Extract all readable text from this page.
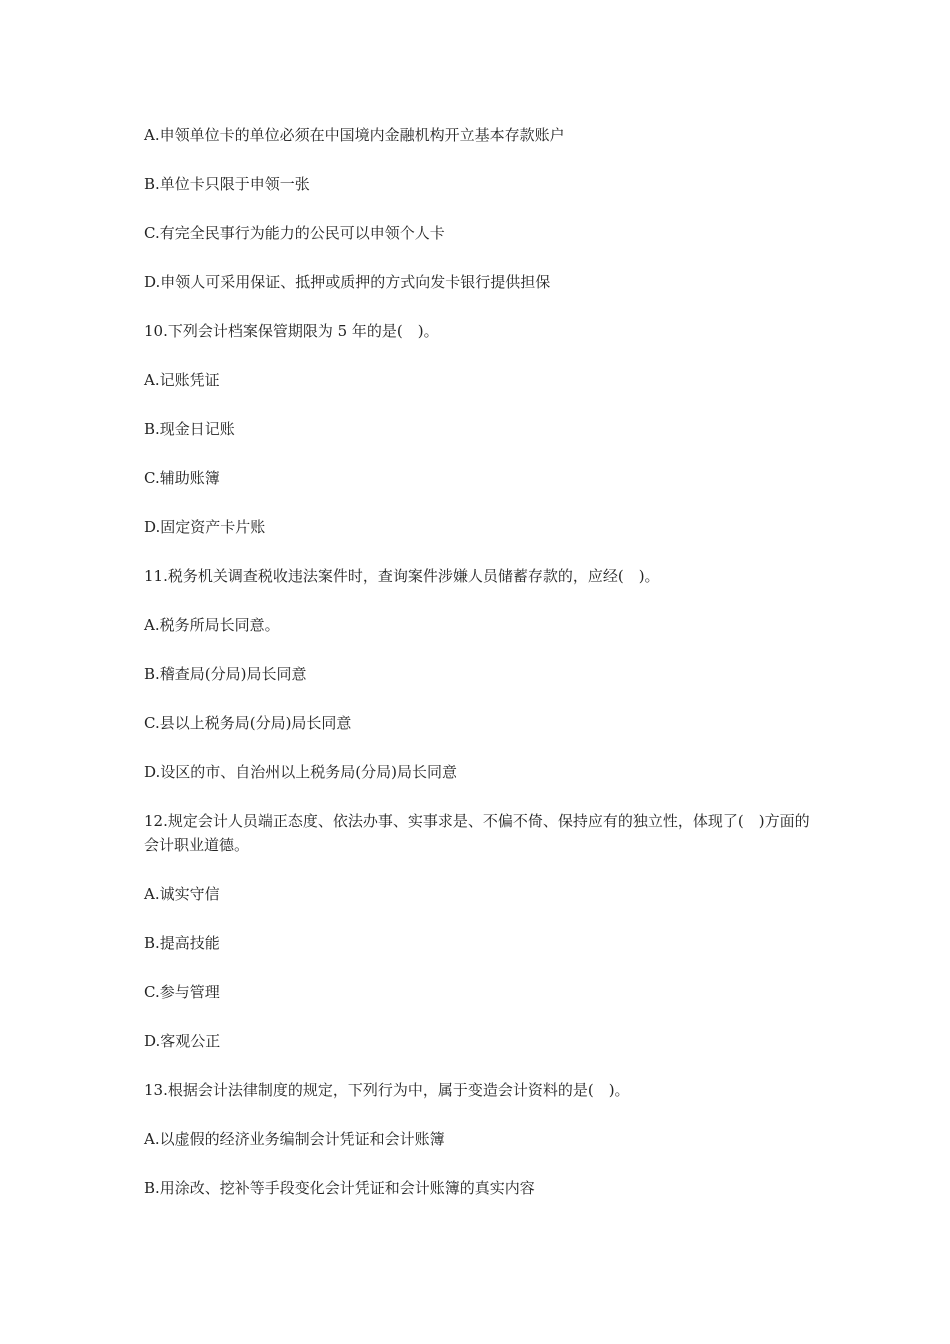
A.申领单位卡的单位必须在中国境内金融机构开立基本存款账户

B.单位卡只限于申领一张

C.有完全民事行为能力的公民可以申领个人卡

D.申领人可采用保证、抵押或质押的方式向发卡银行提供担保

10.下列会计档案保管期限为 5 年的是(　)。

A.记账凭证

B.现金日记账

C.辅助账簿

D.固定资产卡片账

11.税务机关调查税收违法案件时，查询案件涉嫌人员储蓄存款的，应经(　)。

A.税务所局长同意。

B.稽查局(分局)局长同意

C.县以上税务局(分局)局长同意

D.设区的市、自治州以上税务局(分局)局长同意

12.规定会计人员端正态度、依法办事、实事求是、不偏不倚、保持应有的独立性，体现了(　)方面的会计职业道德。

A.诚实守信

B.提高技能

C.参与管理

D.客观公正

13.根据会计法律制度的规定，下列行为中，属于变造会计资料的是(　)。

A.以虚假的经济业务编制会计凭证和会计账簿

B.用涂改、挖补等手段变化会计凭证和会计账簿的真实内容
